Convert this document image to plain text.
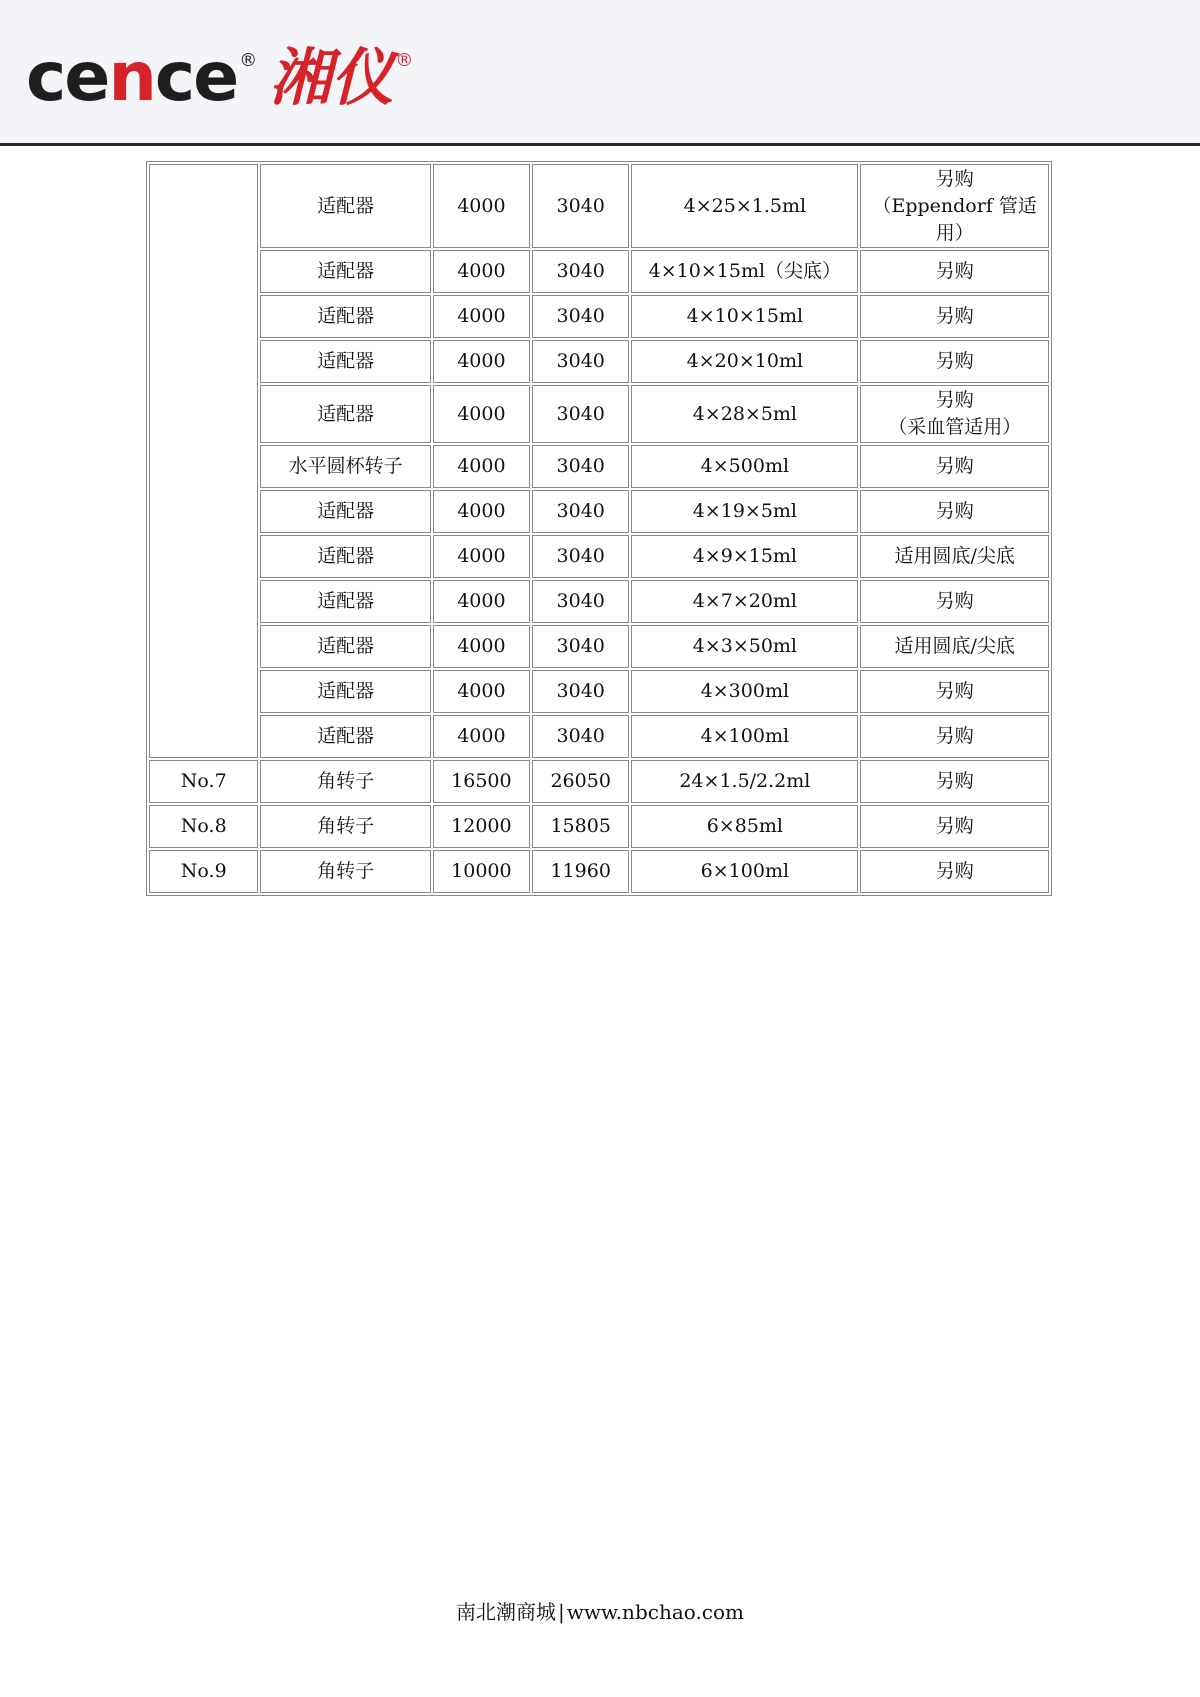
cence ® 湘仪 ®
	适配器	4000	3040	4×25×1.5ml	另购
（Eppendorf 管适用）
	适配器	4000	3040	4×10×15ml（尖底）	另购
	适配器	4000	3040	4×10×15ml	另购
	适配器	4000	3040	4×20×10ml	另购
	适配器	4000	3040	4×28×5ml	另购
（采血管适用）
	水平圆杯转子	4000	3040	4×500ml	另购
	适配器	4000	3040	4×19×5ml	另购
	适配器	4000	3040	4×9×15ml	适用圆底/尖底
	适配器	4000	3040	4×7×20ml	另购
	适配器	4000	3040	4×3×50ml	适用圆底/尖底
	适配器	4000	3040	4×300ml	另购
	适配器	4000	3040	4×100ml	另购
No.7	角转子	16500	26050	24×1.5/2.2ml	另购
No.8	角转子	12000	15805	6×85ml	另购
No.9	角转子	10000	11960	6×100ml	另购
南北潮商城 | www.nbchao.com
